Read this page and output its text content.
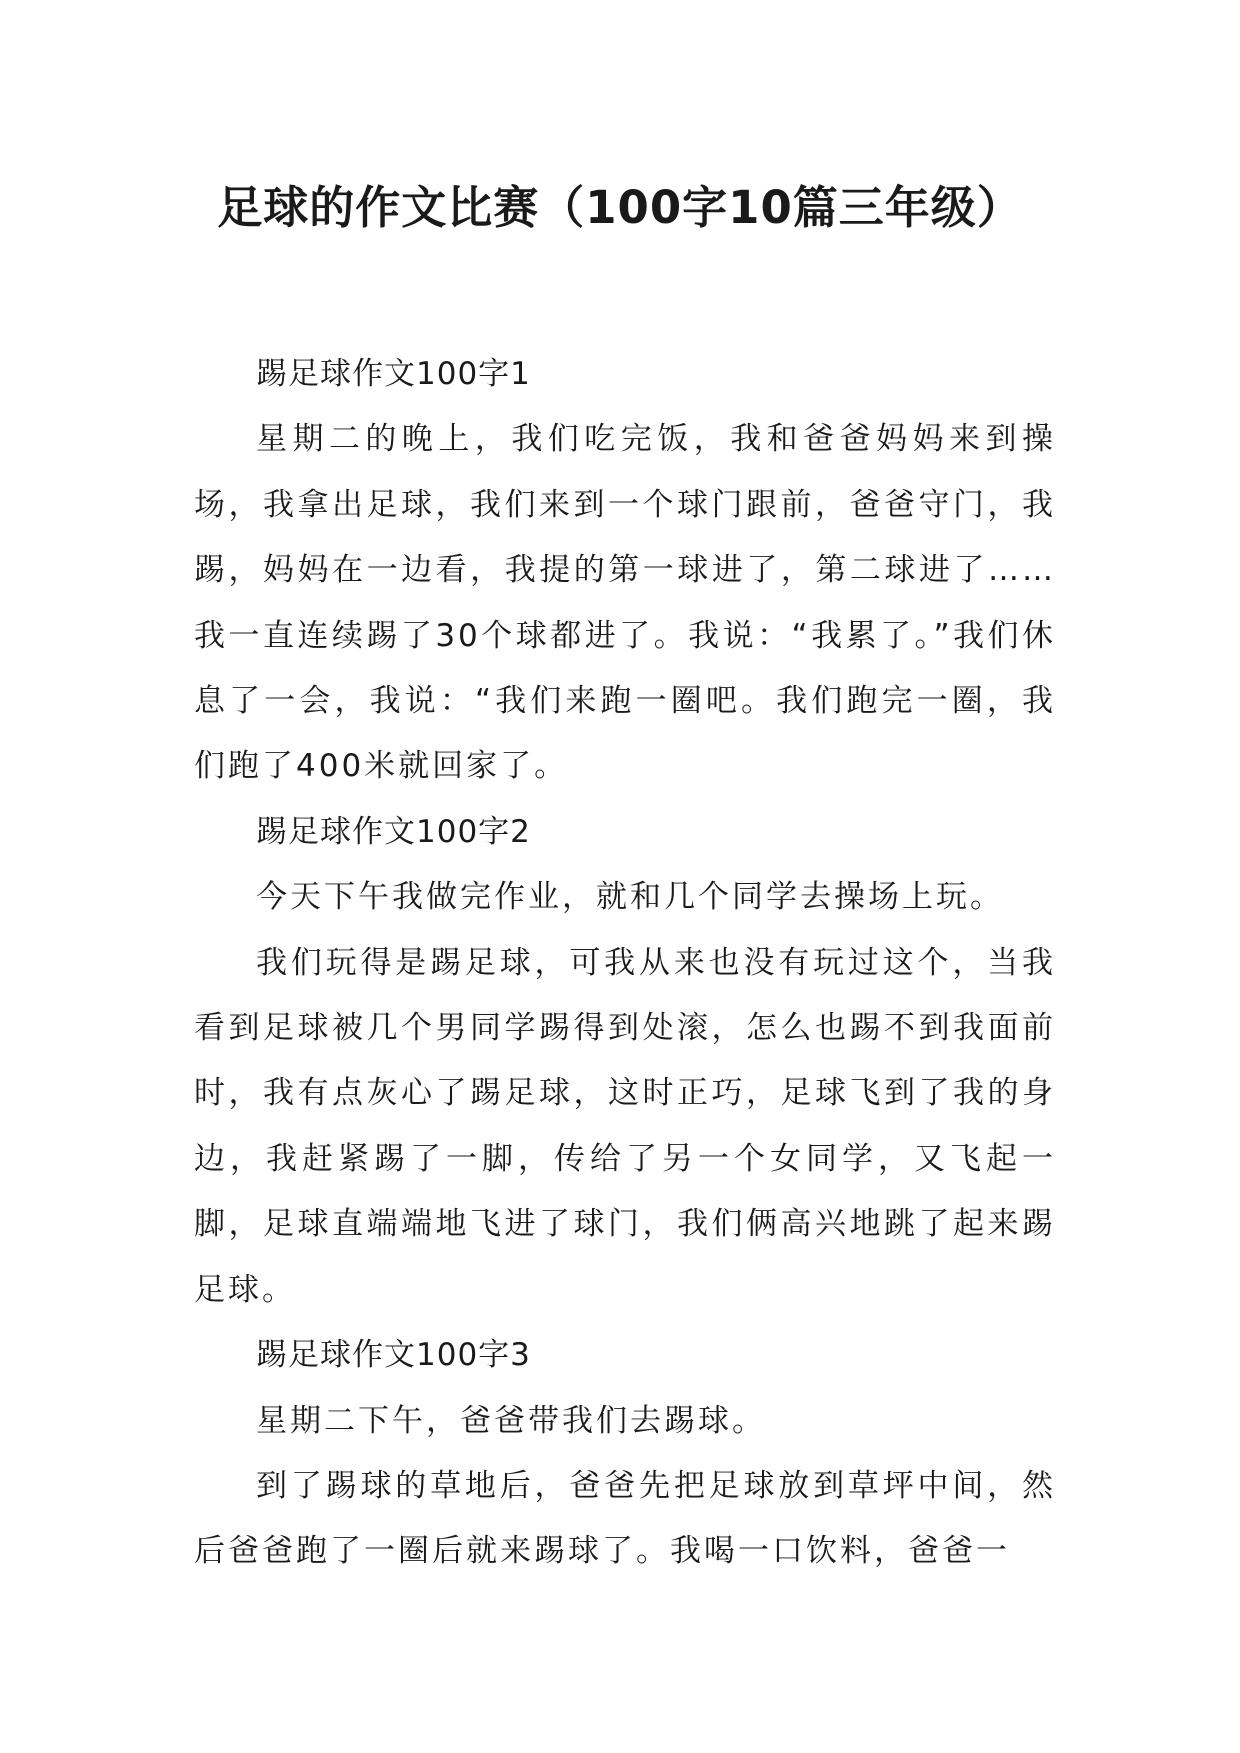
足球的作文比赛（100字10篇三年级）

踢足球作文100字1

星期二的晚上，我们吃完饭，我和爸爸妈妈来到操场，我拿出足球，我们来到一个球门跟前，爸爸守门，我踢，妈妈在一边看，我提的第一球进了，第二球进了……我一直连续踢了30个球都进了。我说：“我累了。”我们休息了一会，我说：“我们来跑一圈吧。我们跑完一圈，我们跑了400米就回家了。

踢足球作文100字2

今天下午我做完作业，就和几个同学去操场上玩。

我们玩得是踢足球，可我从来也没有玩过这个，当我看到足球被几个男同学踢得到处滚，怎么也踢不到我面前时，我有点灰心了踢足球，这时正巧，足球飞到了我的身边，我赶紧踢了一脚，传给了另一个女同学，又飞起一脚，足球直端端地飞进了球门，我们俩高兴地跳了起来踢足球。

踢足球作文100字3

星期二下午，爸爸带我们去踢球。

到了踢球的草地后，爸爸先把足球放到草坪中间，然后爸爸跑了一圈后就来踢球了。我喝一口饮料，爸爸一
